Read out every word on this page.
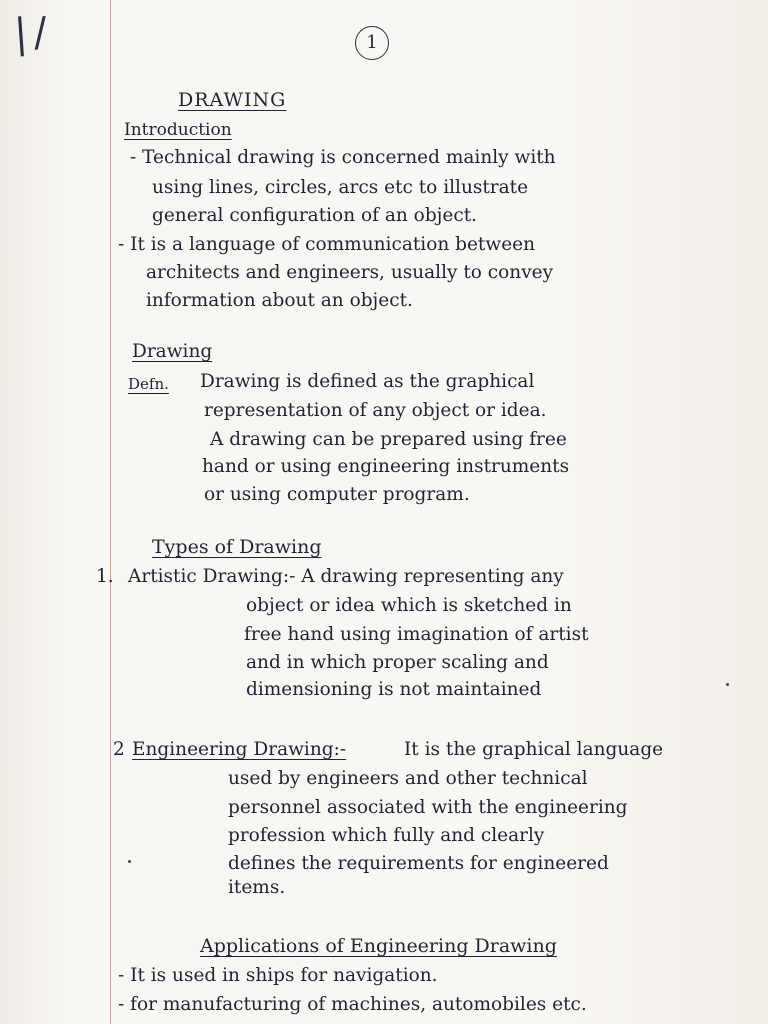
|/	1
DRAWING
Introduction
- Technical drawing is concerned mainly with
using lines, circles, arcs etc to illustrate
general configuration of an object.
- It is a language of communication between
architects and engineers, usually to convey
information about an object.
Drawing
Defn. Drawing is defined as the graphical
representation of any object or idea.
A drawing can be prepared using free
hand or using engineering instruments
or using computer program.
Types of Drawing
1. Artistic Drawing:- A drawing representing any
object or idea which is sketched in
free hand using imagination of artist
and in which proper scaling and
dimensioning is not maintained
2 Engineering Drawing:-	It is the graphical language
used by engineers and other technical
personnel associated with the engineering
profession which fully and clearly
defines the requirements for engineered
items.
Applications of Engineering Drawing
- It is used in ships for navigation.
- for manufacturing of machines, automobiles etc.
